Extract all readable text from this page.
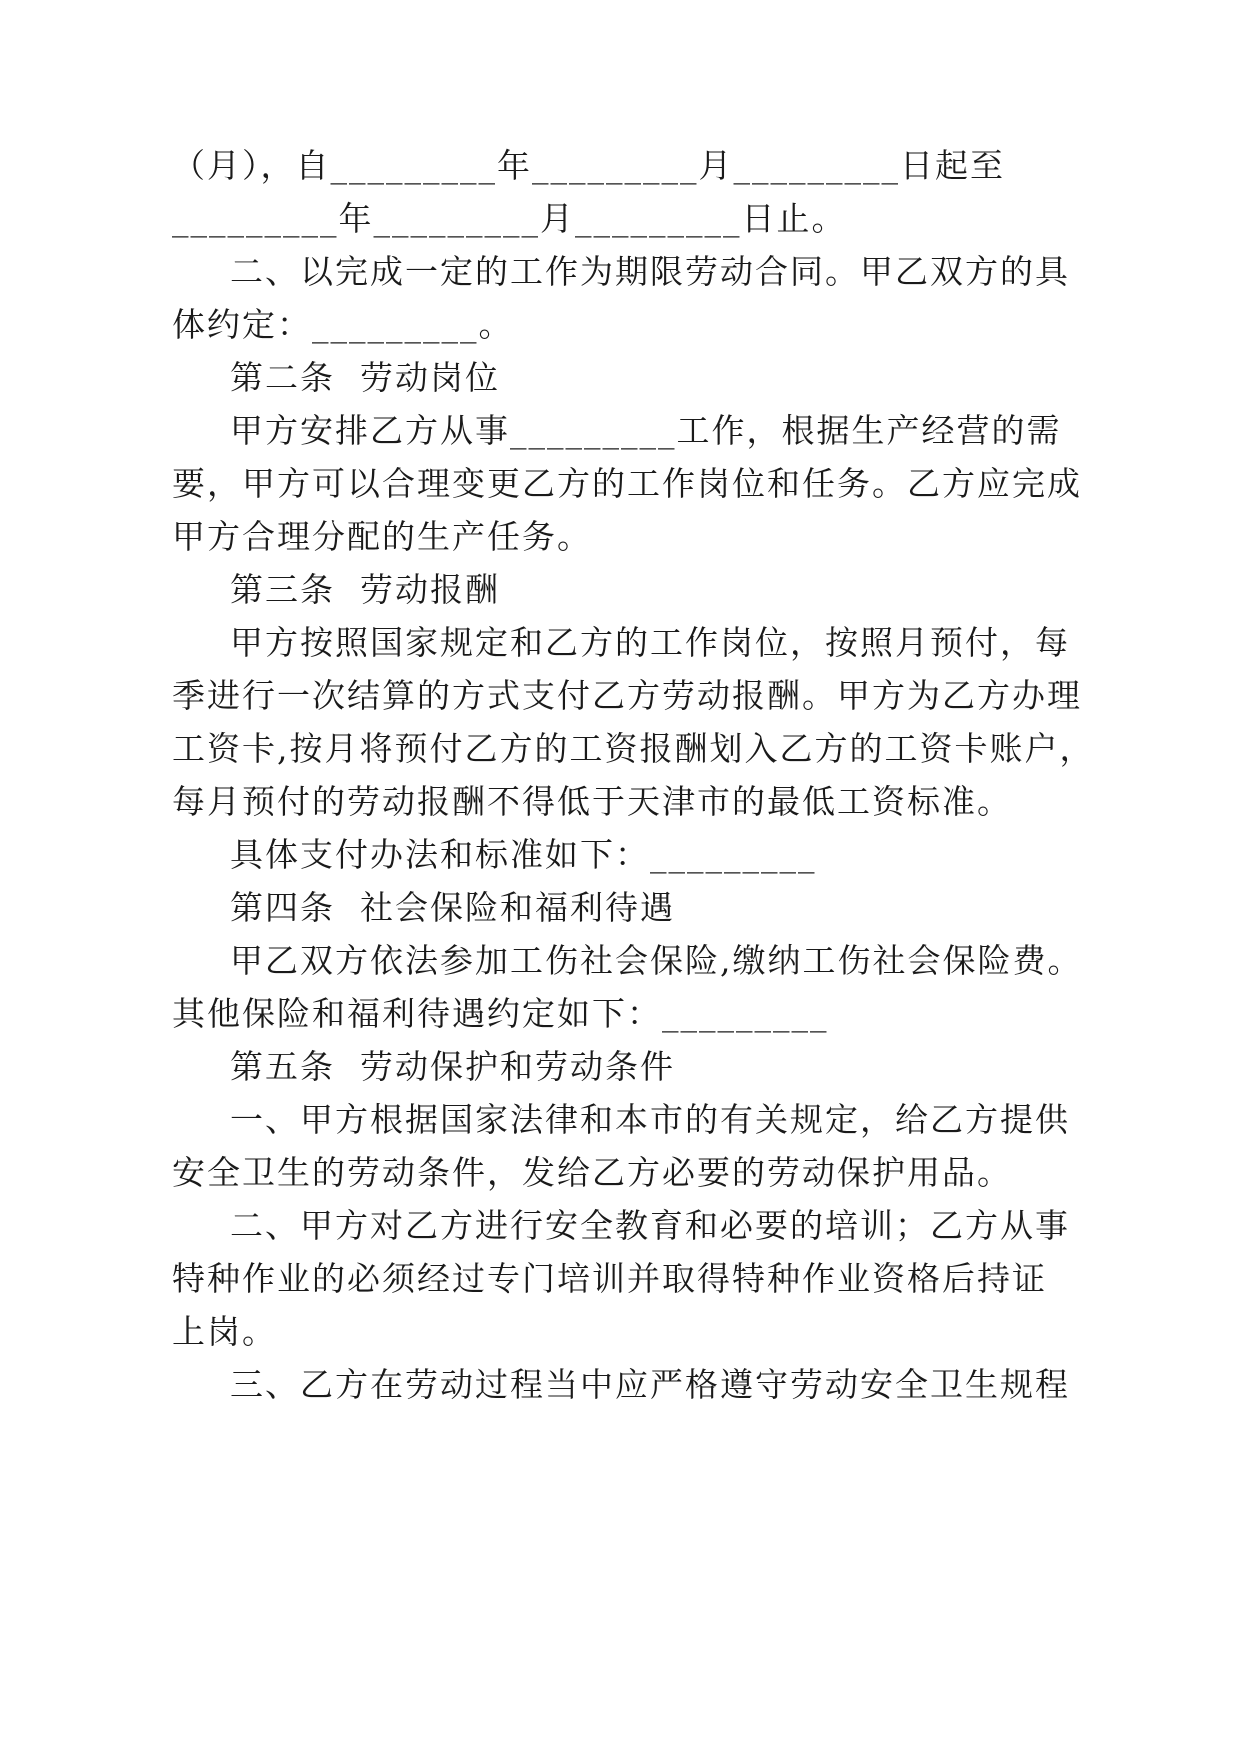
（月），自_________年_________月_________日起至
_________年_________月_________日止。
二、以完成一定的工作为期限劳动合同。甲乙双方的具
体约定：_________。
第二条  劳动岗位
甲方安排乙方从事_________工作，根据生产经营的需
要，甲方可以合理变更乙方的工作岗位和任务。乙方应完成
甲方合理分配的生产任务。
第三条  劳动报酬
甲方按照国家规定和乙方的工作岗位，按照月预付，每
季进行一次结算的方式支付乙方劳动报酬。甲方为乙方办理
工资卡,按月将预付乙方的工资报酬划入乙方的工资卡账户，
每月预付的劳动报酬不得低于天津市的最低工资标准。
具体支付办法和标准如下：_________
第四条  社会保险和福利待遇
甲乙双方依法参加工伤社会保险,缴纳工伤社会保险费。
其他保险和福利待遇约定如下：_________
第五条  劳动保护和劳动条件
一、甲方根据国家法律和本市的有关规定，给乙方提供
安全卫生的劳动条件，发给乙方必要的劳动保护用品。
二、甲方对乙方进行安全教育和必要的培训；乙方从事
特种作业的必须经过专门培训并取得特种作业资格后持证
上岗。
三、乙方在劳动过程当中应严格遵守劳动安全卫生规程
